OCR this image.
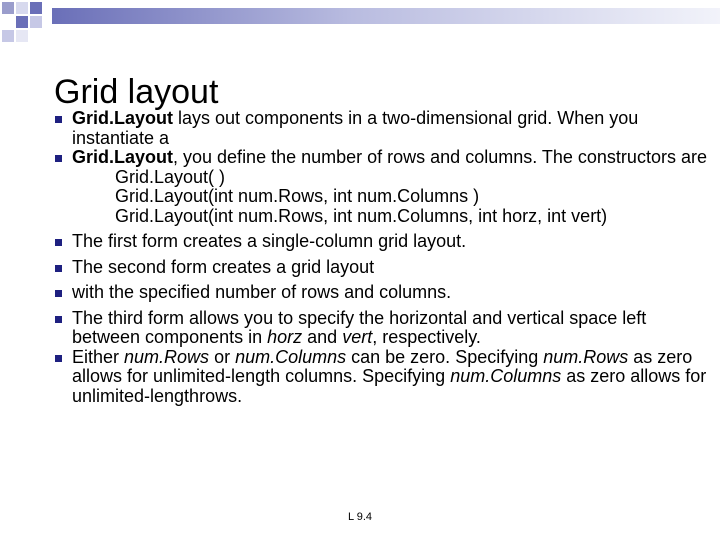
Grid layout
Grid.Layout lays out components in a two-dimensional grid. When you instantiate a
Grid.Layout, you define the number of rows and columns. The constructors are
Grid.Layout( )
Grid.Layout(int num.Rows, int num.Columns )
Grid.Layout(int num.Rows, int num.Columns, int horz, int vert)
The first form creates a single-column grid layout.
The second form creates a grid layout
with the specified number of rows and columns.
The third form allows you to specify the horizontal and vertical space left between components in horz and vert, respectively.
Either num.Rows or num.Columns can be zero. Specifying num.Rows as zero allows for unlimited-length columns. Specifying num.Columns as zero allows for unlimited-lengthrows.
L 9.4
